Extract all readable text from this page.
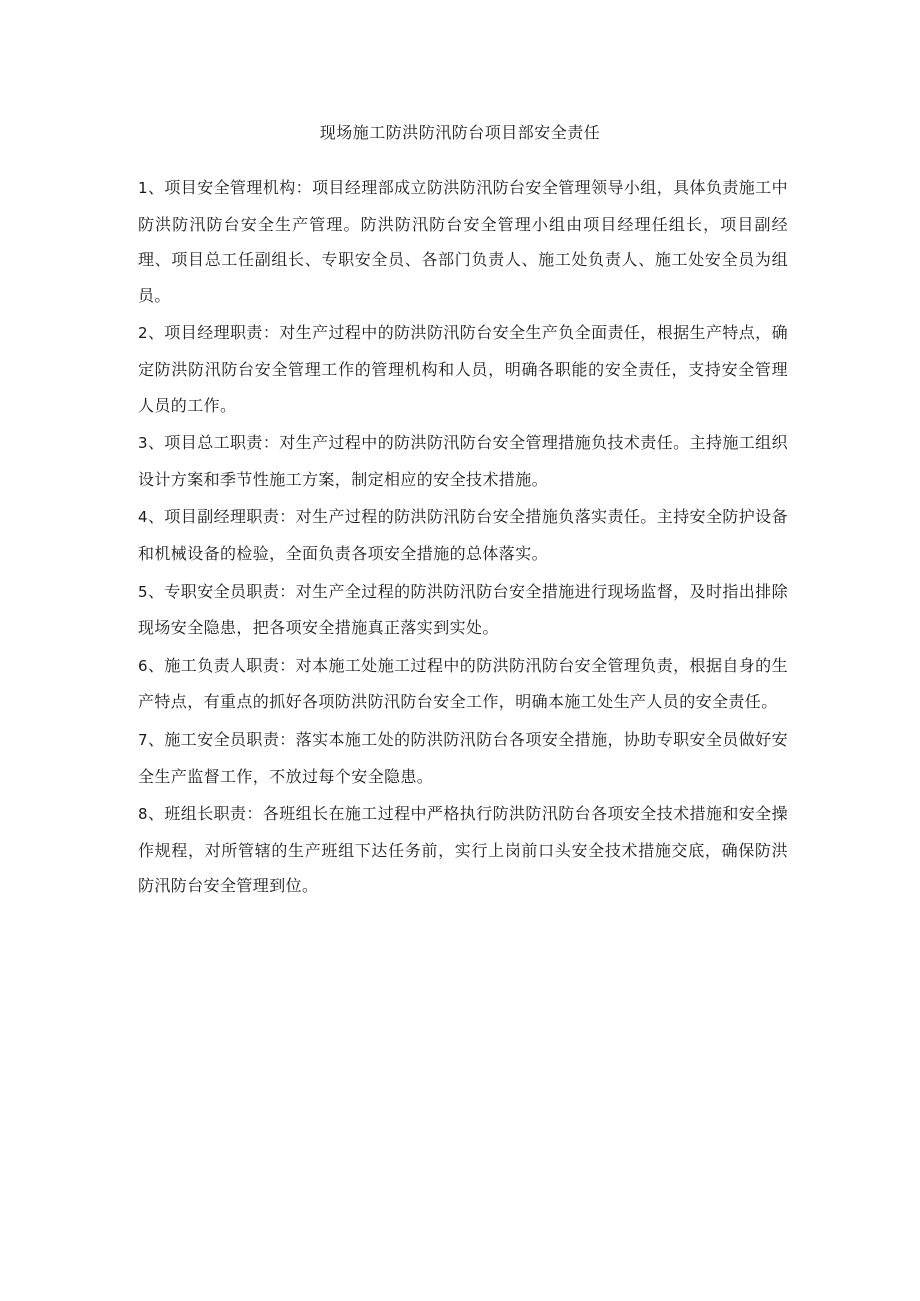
现场施工防洪防汛防台项目部安全责任

1、项目安全管理机构：项目经理部成立防洪防汛防台安全管理领导小组，具体负责施工中防洪防汛防台安全生产管理。防洪防汛防台安全管理小组由项目经理任组长，项目副经理、项目总工任副组长、专职安全员、各部门负责人、施工处负责人、施工处安全员为组员。

2、项目经理职责：对生产过程中的防洪防汛防台安全生产负全面责任，根据生产特点，确定防洪防汛防台安全管理工作的管理机构和人员，明确各职能的安全责任，支持安全管理人员的工作。

3、项目总工职责：对生产过程中的防洪防汛防台安全管理措施负技术责任。主持施工组织设计方案和季节性施工方案，制定相应的安全技术措施。

4、项目副经理职责：对生产过程的防洪防汛防台安全措施负落实责任。主持安全防护设备和机械设备的检验，全面负责各项安全措施的总体落实。

5、专职安全员职责：对生产全过程的防洪防汛防台安全措施进行现场监督，及时指出排除现场安全隐患，把各项安全措施真正落实到实处。

6、施工负责人职责：对本施工处施工过程中的防洪防汛防台安全管理负责，根据自身的生产特点，有重点的抓好各项防洪防汛防台安全工作，明确本施工处生产人员的安全责任。

7、施工安全员职责：落实本施工处的防洪防汛防台各项安全措施，协助专职安全员做好安全生产监督工作，不放过每个安全隐患。

8、班组长职责：各班组长在施工过程中严格执行防洪防汛防台各项安全技术措施和安全操作规程，对所管辖的生产班组下达任务前，实行上岗前口头安全技术措施交底，确保防洪防汛防台安全管理到位。
